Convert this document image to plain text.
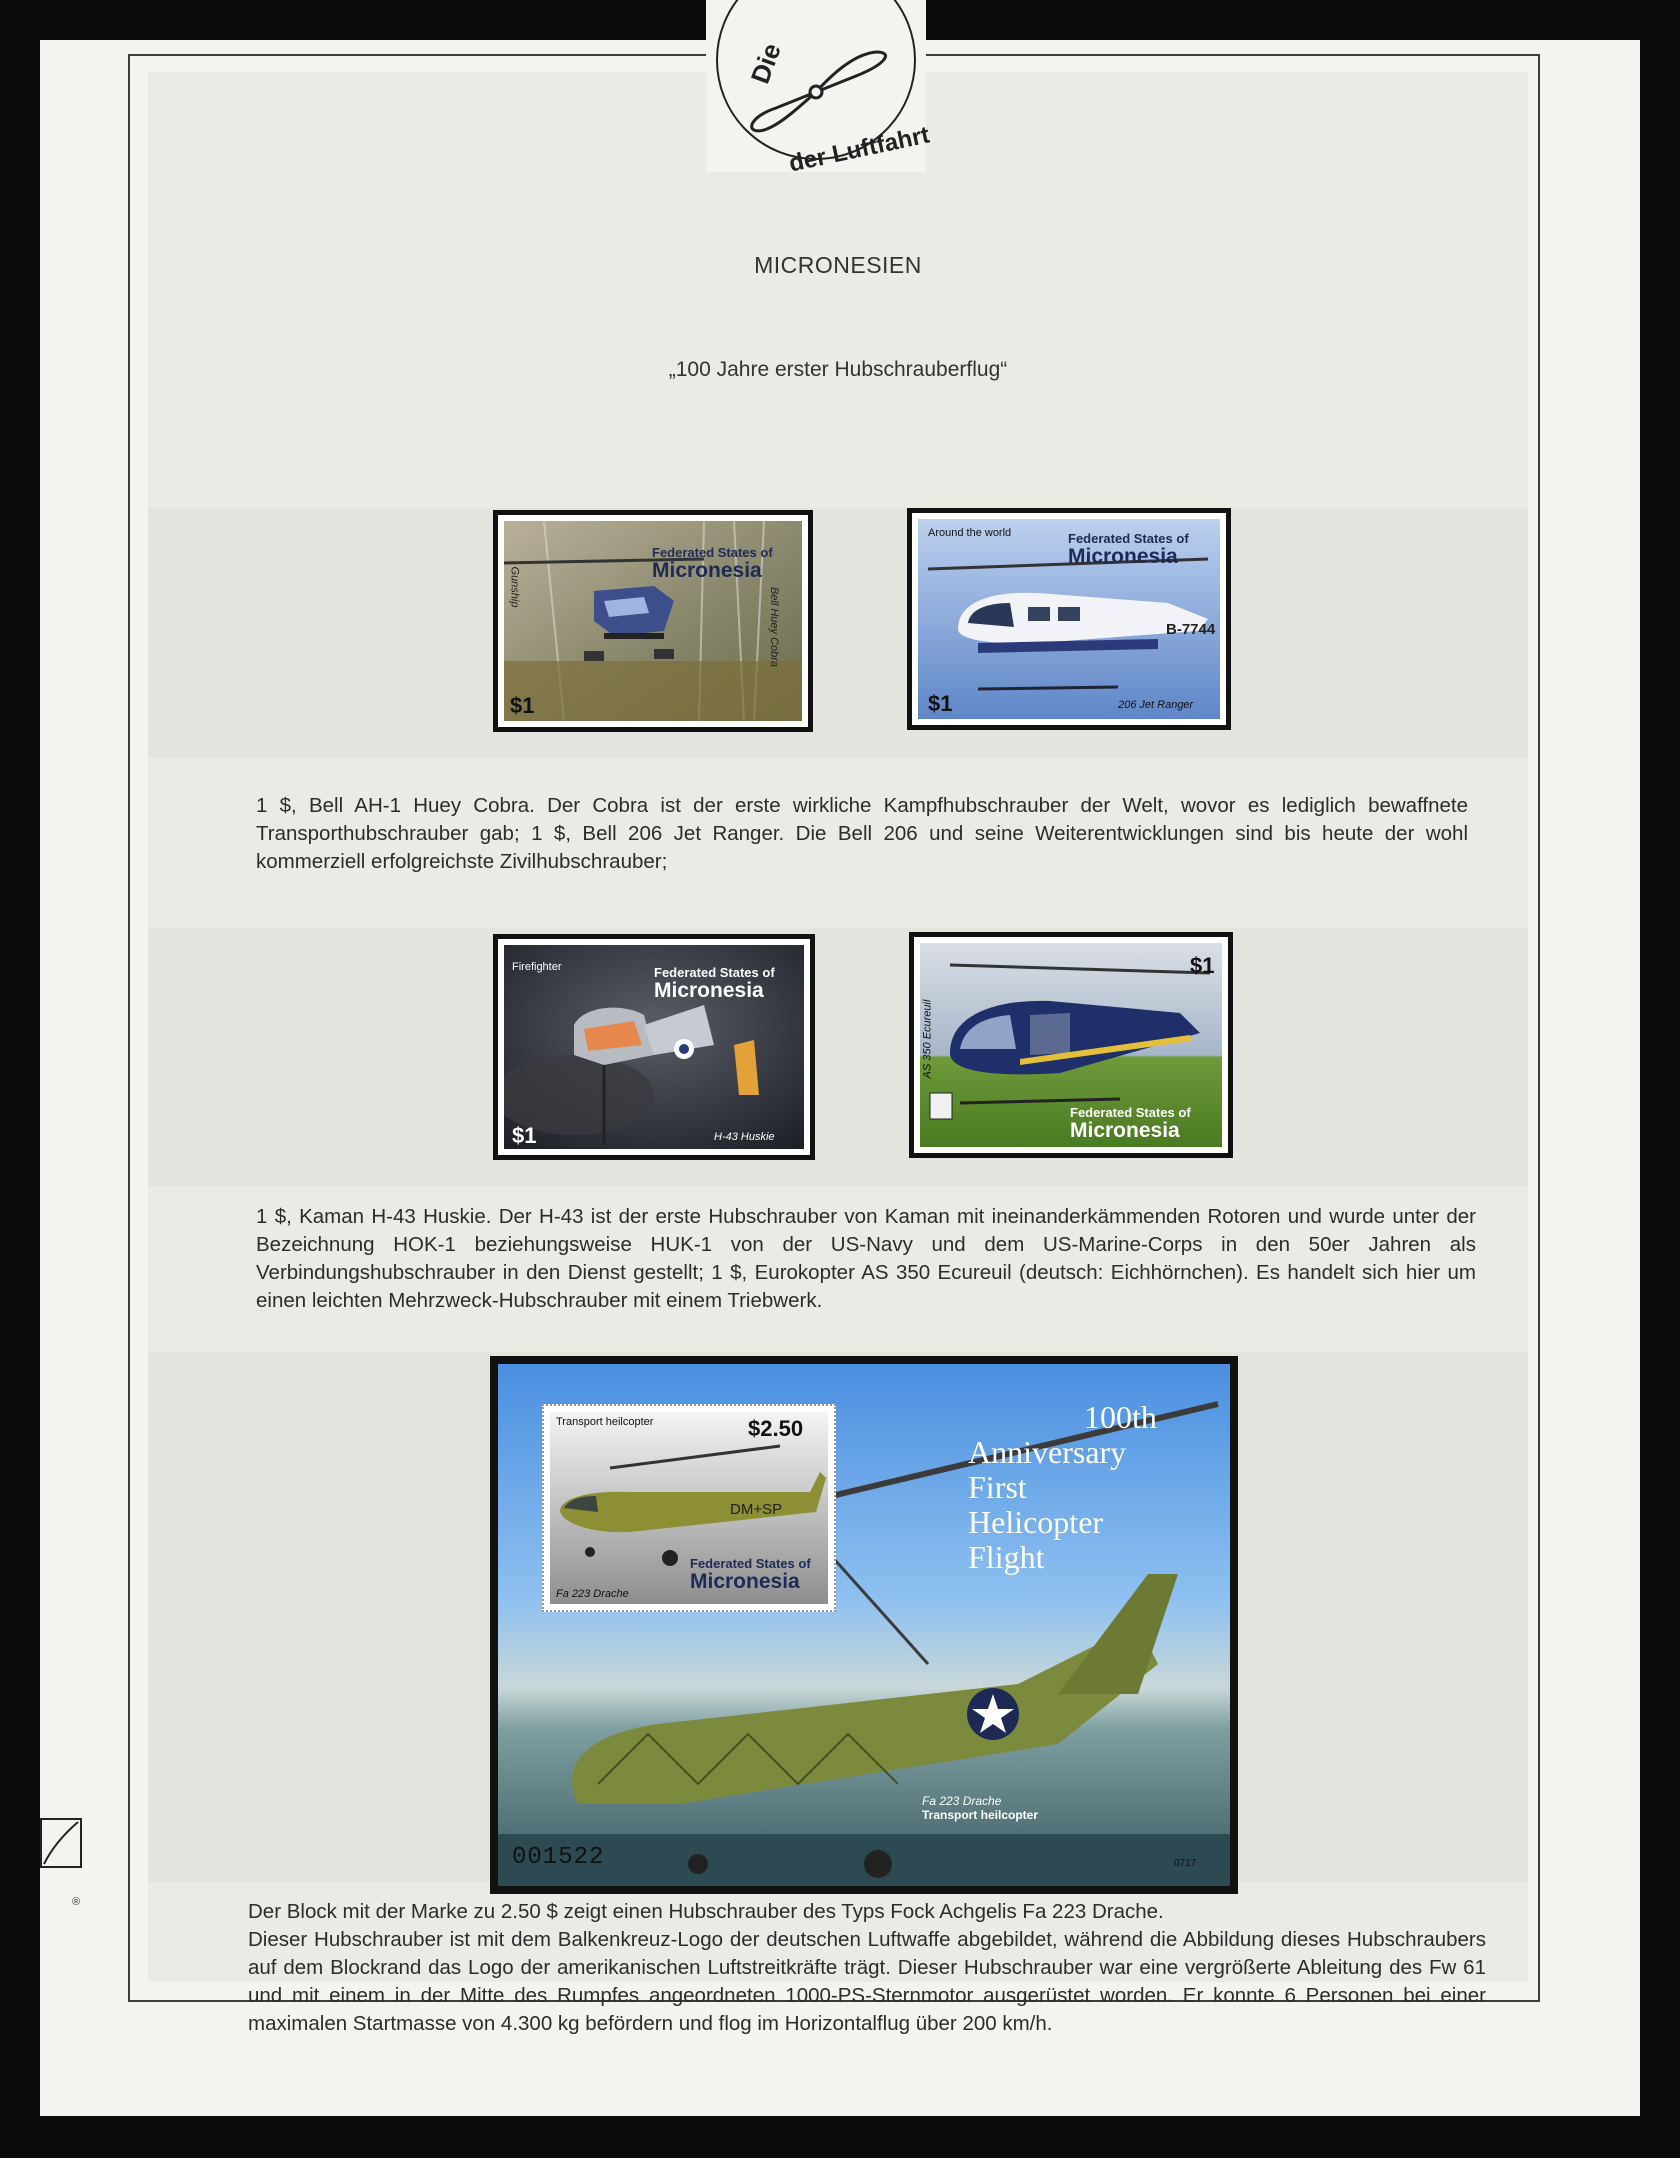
Die
der Luftfahrt
MICRONESIEN
„100 Jahre erster Hubschrauberflug“
Federated States of
Micronesia
$1
Gunship	Bell Huey Cobra
Around the world	Federated States of
Micronesia
B-7744
$1	206 Jet Ranger
1 $, Bell AH-1 Huey Cobra. Der Cobra ist der erste wirkliche Kampfhubschrauber der Welt, wovor es lediglich bewaffnete Transporthubschrauber gab; 1 $, Bell 206 Jet Ranger. Die Bell 206 und seine Weiterentwicklungen sind bis heute der wohl kommerziell erfolgreichste Zivilhubschrauber;
Firefighter	Federated States of
Micronesia
$1	H-43 Huskie
$1
AS 350 Ecureuil
Federated States of
Micronesia
1 $, Kaman H-43 Huskie. Der H-43 ist der erste Hubschrauber von Kaman mit ineinanderkämmenden Rotoren und wurde unter der Bezeichnung HOK-1 beziehungsweise HUK-1 von der US-Navy und dem US-Marine-Corps in den 50er Jahren als Verbindungshubschrauber in den Dienst gestellt; 1 $, Eurokopter AS 350 Ecureuil (deutsch: Eichhörnchen). Es handelt sich hier um einen leichten Mehrzweck-Hubschrauber mit einem Triebwerk.
DM+SP
Transport heilcopter	$2.50
Federated States of
Micronesia
Fa 223 Drache
100th
Anniversary
First
Helicopter
Flight
Fa 223 Drache
Transport heilcopter
001522	0717
Der Block mit der Marke zu 2.50 $ zeigt einen Hubschrauber des Typs Fock Achgelis Fa 223 Drache.
Dieser Hubschrauber ist mit dem Balkenkreuz-Logo der deutschen Luftwaffe abgebildet, während die Abbildung dieses Hubschraubers auf dem Blockrand das Logo der amerikanischen Luftstreitkräfte trägt. Dieser Hubschrauber war eine vergrößerte Ableitung des Fw 61 und mit einem in der Mitte des Rumpfes angeordneten 1000-PS-Sternmotor ausgerüstet worden. Er konnte 6 Personen bei einer maximalen Startmasse von 4.300 kg befördern und flog im Horizontalflug über 200 km/h.
®
